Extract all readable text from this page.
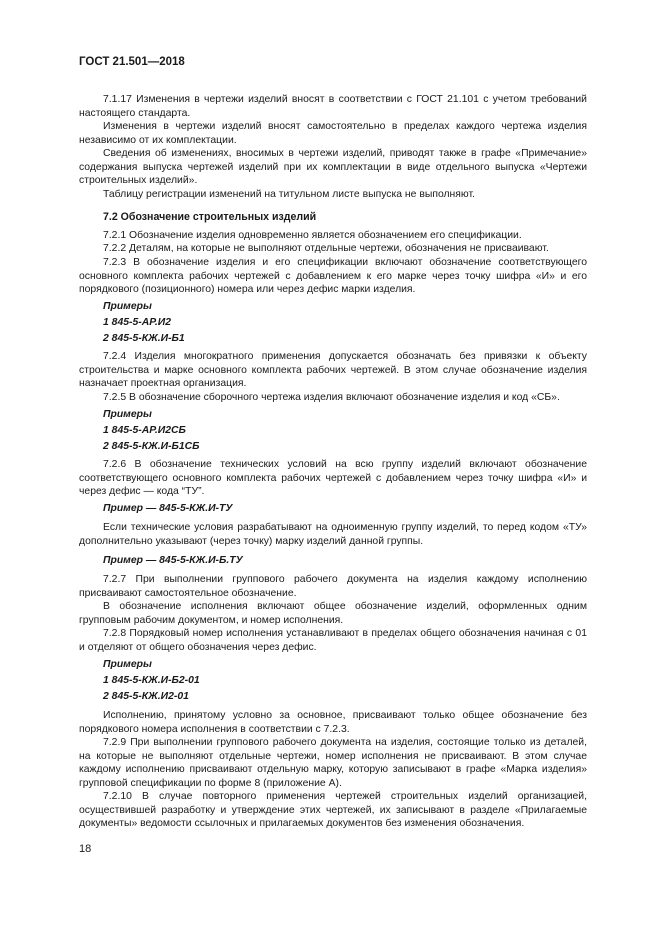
ГОСТ 21.501—2018

7.1.17 Изменения в чертежи изделий вносят в соответствии с ГОСТ 21.101 с учетом требований настоящего стандарта.

Изменения в чертежи изделий вносят самостоятельно в пределах каждого чертежа изделия независимо от их комплектации.

Сведения об изменениях, вносимых в чертежи изделий, приводят также в графе «Примечание» содержания выпуска чертежей изделий при их комплектации в виде отдельного выпуска «Чертежи строительных изделий».

Таблицу регистрации изменений на титульном листе выпуска не выполняют.

7.2 Обозначение строительных изделий

7.2.1 Обозначение изделия одновременно является обозначением его спецификации.

7.2.2 Деталям, на которые не выполняют отдельные чертежи, обозначения не присваивают.

7.2.3 В обозначение изделия и его спецификации включают обозначение соответствующего основного комплекта рабочих чертежей с добавлением к его марке через точку шифра «И» и его порядкового (позиционного) номера или через дефис марки изделия.

Примеры
1 845-5-АР.И2
2 845-5-КЖ.И-Б1

7.2.4 Изделия многократного применения допускается обозначать без привязки к объекту строительства и марке основного комплекта рабочих чертежей. В этом случае обозначение изделия назначает проектная организация.

7.2.5 В обозначение сборочного чертежа изделия включают обозначение изделия и код «СБ».

Примеры
1 845-5-АР.И2СБ
2 845-5-КЖ.И-Б1СБ

7.2.6 В обозначение технических условий на всю группу изделий включают обозначение соответствующего основного комплекта рабочих чертежей с добавлением через точку шифра «И» и через дефис — кода “ТУ”.

Пример — 845-5-КЖ.И-ТУ

Если технические условия разрабатывают на одноименную группу изделий, то перед кодом «ТУ» дополнительно указывают (через точку) марку изделий данной группы.

Пример — 845-5-КЖ.И-Б.ТУ

7.2.7 При выполнении группового рабочего документа на изделия каждому исполнению присваивают самостоятельное обозначение.

В обозначение исполнения включают общее обозначение изделий, оформленных одним групповым рабочим документом, и номер исполнения.

7.2.8 Порядковый номер исполнения устанавливают в пределах общего обозначения начиная с 01 и отделяют от общего обозначения через дефис.

Примеры
1 845-5-КЖ.И-Б2-01
2 845-5-КЖ.И2-01

Исполнению, принятому условно за основное, присваивают только общее обозначение без порядкового номера исполнения в соответствии с 7.2.3.

7.2.9 При выполнении группового рабочего документа на изделия, состоящие только из деталей, на которые не выполняют отдельные чертежи, номер исполнения не присваивают. В этом случае каждому исполнению присваивают отдельную марку, которую записывают в графе «Марка изделия» групповой спецификации по форме 8 (приложение А).

7.2.10 В случае повторного применения чертежей строительных изделий организацией, осуществившей разработку и утверждение этих чертежей, их записывают в разделе «Прилагаемые документы» ведомости ссылочных и прилагаемых документов без изменения обозначения.

18
